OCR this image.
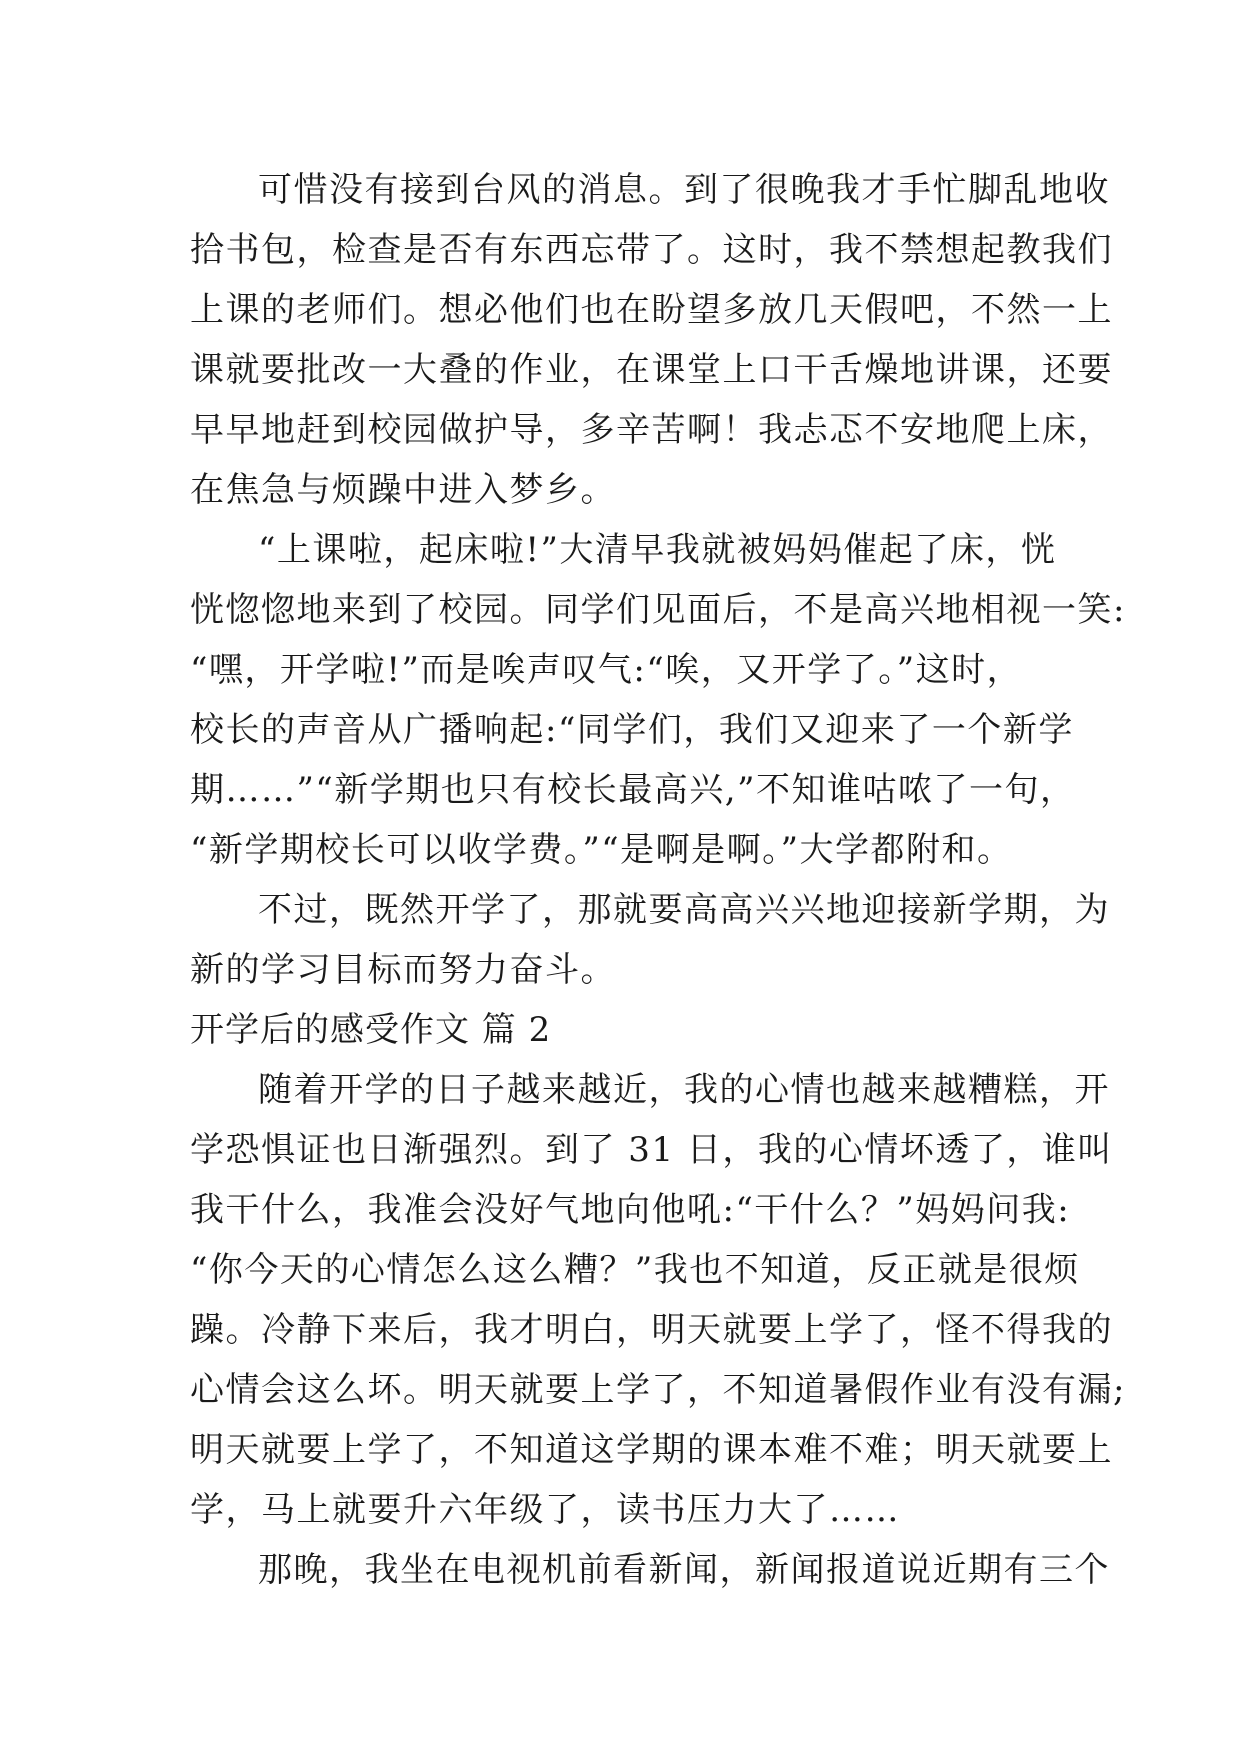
可惜没有接到台风的消息。到了很晚我才手忙脚乱地收
拾书包，检查是否有东西忘带了。这时，我不禁想起教我们
上课的老师们。想必他们也在盼望多放几天假吧，不然一上
课就要批改一大叠的作业，在课堂上口干舌燥地讲课，还要
早早地赶到校园做护导，多辛苦啊！我忐忑不安地爬上床，
在焦急与烦躁中进入梦乡。
“上课啦，起床啦!”大清早我就被妈妈催起了床，恍
恍惚惚地来到了校园。同学们见面后，不是高兴地相视一笑:
“嘿，开学啦!”而是唉声叹气:“唉，又开学了。”这时，
校长的声音从广播响起:“同学们，我们又迎来了一个新学
期……”“新学期也只有校长最高兴,”不知谁咕哝了一句，
“新学期校长可以收学费。”“是啊是啊。”大学都附和。
不过，既然开学了，那就要高高兴兴地迎接新学期，为
新的学习目标而努力奋斗。
开学后的感受作文 篇 2
随着开学的日子越来越近，我的心情也越来越糟糕，开
学恐惧证也日渐强烈。到了 31 日，我的心情坏透了，谁叫
我干什么，我准会没好气地向他吼:“干什么？”妈妈问我:
“你今天的心情怎么这么糟？”我也不知道，反正就是很烦
躁。冷静下来后，我才明白，明天就要上学了，怪不得我的
心情会这么坏。明天就要上学了，不知道暑假作业有没有漏;
明天就要上学了，不知道这学期的课本难不难；明天就要上
学，马上就要升六年级了，读书压力大了……
那晚，我坐在电视机前看新闻，新闻报道说近期有三个
